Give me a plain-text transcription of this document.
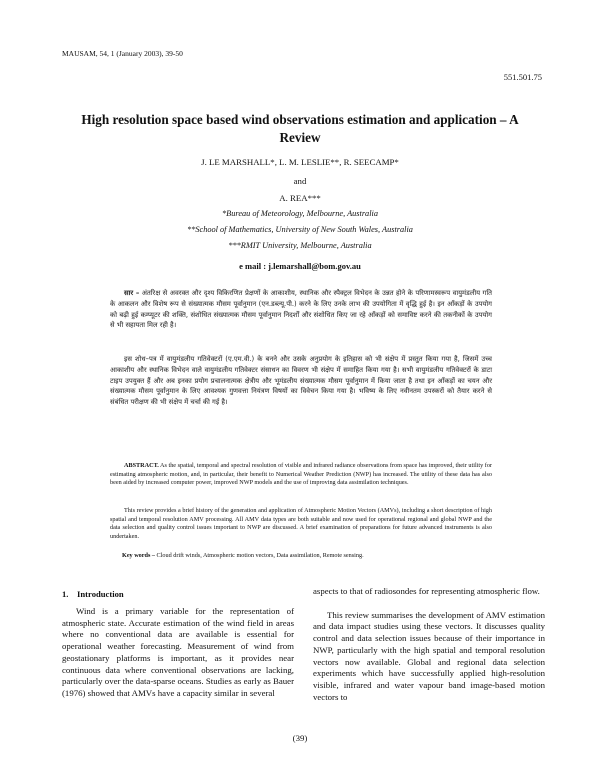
MAUSAM, 54, 1 (January 2003), 39-50
551.501.75
High resolution space based wind observations estimation and application – A Review
J. LE MARSHALL*, L. M. LESLIE**, R. SEECAMP*
and
A. REA***
*Bureau of Meteorology, Melbourne, Australia
**School of Mathematics, University of New South Wales, Australia
***RMIT University, Melbourne, Australia
e mail : j.lemarshall@bom.gov.au

सार – अंतरिक्ष से अवरक्त और दृश्य विकिरणित प्रेक्षणों के आकाशीय, स्थानिक और स्पैक्ट्रल विभेदन के उन्नत होने के परिणामस्वरूप वायुमंडलीय गति के आकलन और विशेष रूप से संख्यात्मक मौसम पूर्वानुमान (एन.डब्ल्यू.पी.) करने के लिए उनके लाभ की उपयोगिता में वृद्धि हुई है। इन आँकड़ों के उपयोग को बढ़ी हुई कम्प्यूटर की शक्ति, संशोधित संख्यात्मक मौसम पूर्वानुमान निदर्शों और संशोधित किए जा रहे आँकड़ों को समाविष्ट करने की तकनीकों के उपयोग से भी सहायता मिल रही है।

इस शोध–पत्र में वायुमंडलीय गतिवेक्टरों (ए.एम.वी.) के बनने और उसके अनुप्रयोग के इतिहास को भी संक्षेप में प्रस्तुत किया गया है, जिसमें उच्च आकाशीय और स्थानिक विभेदन वाले वायुमंडलीय गतिवेक्टर संसाधन का विवरण भी संक्षेप में समाहित किया गया है। सभी वायुमंडलीय गतिवेक्टरों के डाटा टाइप उपयुक्त हैं और अब इनका प्रयोग प्रचालनात्मक क्षेत्रीय और भूमंडलीय संख्यात्मक मौसम पूर्वानुमान में किया जाता है तथा इन आँकड़ों का चयन और संख्यात्मक मौसम पूर्वानुमान के लिए आवश्यक गुणवत्ता नियंत्रण विषयों का विवेचन किया गया है। भविष्य के लिए नवीनतम उपस्करों को तैयार करने से संबंधित परीक्षण की भी संक्षेप में चर्चा की गई है।

ABSTRACT. As the spatial, temporal and spectral resolution of visible and infrared radiance observations from space has improved, their utility for estimating atmospheric motion, and, in particular, their benefit to Numerical Weather Prediction (NWP) has increased. The utility of these data has also been aided by increased computer power, improved NWP models and the use of improving data assimilation techniques.

This review provides a brief history of the generation and application of Atmospheric Motion Vectors (AMVs), including a short description of high spatial and temporal resolution AMV processing. All AMV data types are both suitable and now used for operational regional and global NWP and the data selection and quality control issues important to NWP are discussed. A brief examination of preparations for future advanced instruments is also undertaken.

Key words – Cloud drift winds, Atmospheric motion vectors, Data assimilation, Remote sensing.
1. Introduction

Wind is a primary variable for the representation of atmospheric state. Accurate estimation of the wind field in areas where no conventional data are available is essential for operational weather forecasting. Measurement of wind from geostationary platforms is important, as it provides near continuous data where conventional observations are lacking, particularly over the data-sparse oceans. Studies as early as Bauer (1976) showed that AMVs have a capacity similar in several

aspects to that of radiosondes for representing atmospheric flow.

This review summarises the development of AMV estimation and data impact studies using these vectors. It discusses quality control and data selection issues because of their importance in NWP, particularly with the high spatial and temporal resolution vectors now available. Global and regional data selection experiments which have successfully applied high-resolution visible, infrared and water vapour band image-based motion vectors to

(39)
